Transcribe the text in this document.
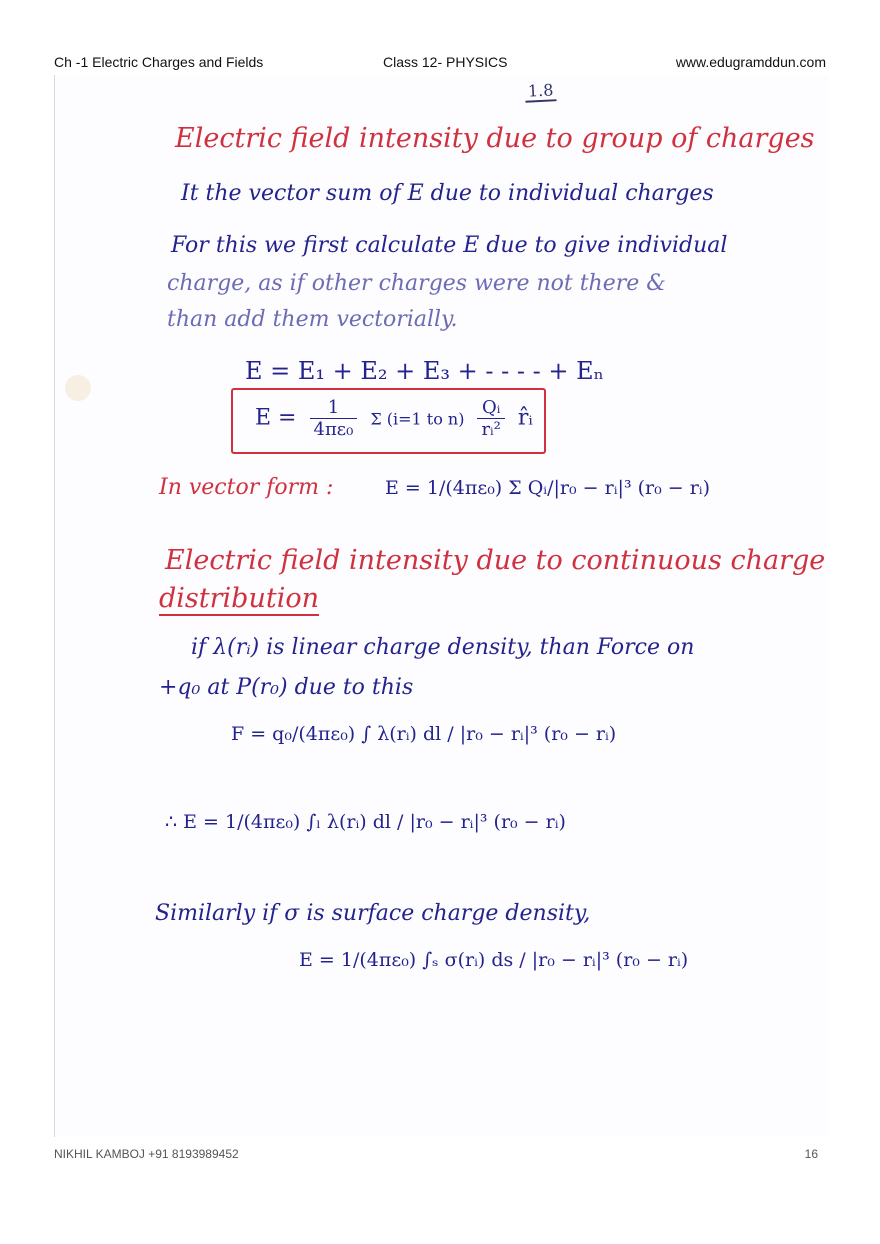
Ch -1 Electric Charges and Fields	Class 12- PHYSICS	www.edugramddun.com
1.8
Electric field intensity due to group of charges
It the vector sum of E due to individual charges
For this we first calculate E due to give individual
charge, as if other charges were not there &
than add them vectorially.
E = E₁ + E₂ + E₃ + - - - - + Eₙ
$E = \frac{1}{\text{4πε₀}}$ Σ (i=1 to $n) \frac{\text{Qᵢ}}{\text{rᵢ²}}$ r̂ᵢ
In vector form :	E = 1/(4πε₀) Σ Qᵢ/|r₀ − rᵢ|³ (r₀ − rᵢ)
Electric field intensity due to continuous charge
distribution
if λ(rᵢ) is linear charge density, than Force on
+q₀ at P(r₀) due to this
F = q₀/(4πε₀) ∫ λ(rᵢ) dl / |r₀ − rᵢ|³ (r₀ − rᵢ)
∴ E = 1/(4πε₀) ∫ₗ λ(rᵢ) dl / |r₀ − rᵢ|³ (r₀ − rᵢ)
Similarly if σ is surface charge density,
E = 1/(4πε₀) ∫ₛ σ(rᵢ) ds / |r₀ − rᵢ|³ (r₀ − rᵢ)
NIKHIL KAMBOJ +91 8193989452	16
